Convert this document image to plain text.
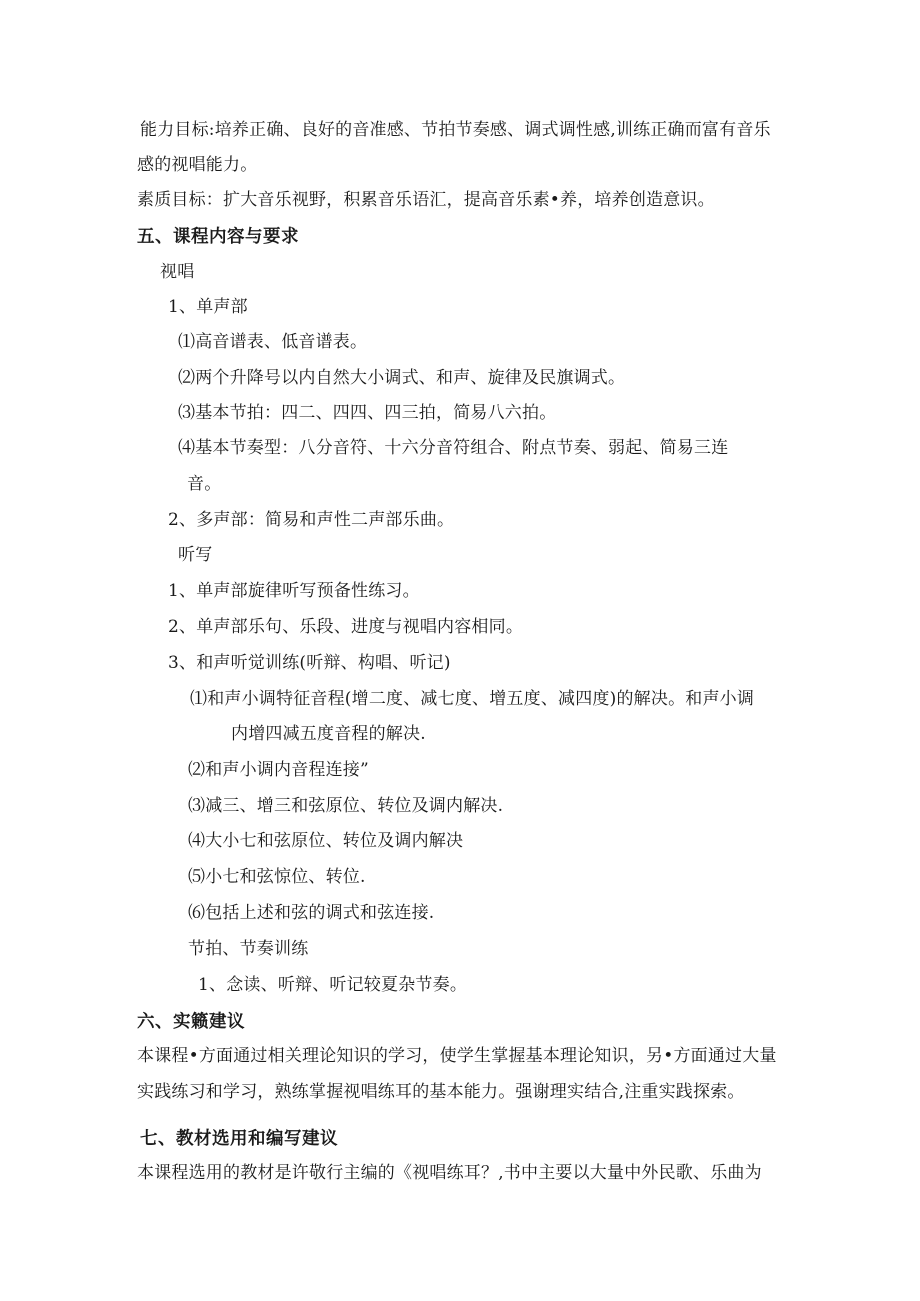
能力目标:培养正确、良好的音准感、节拍节奏感、调式调性感,训练正确而富有音乐
感的视唱能力。
素质目标：扩大音乐视野，积累音乐语汇，提高音乐素•养，培养创造意识。
五、课程内容与要求
视唱
1、单声部
⑴高音谱表、低音谱表。
⑵两个升降号以内自然大小调式、和声、旋律及民旗调式。
⑶基本节拍：四二、四四、四三拍，简易八六拍。
⑷基本节奏型：八分音符、十六分音符组合、附点节奏、弱起、简易三连
音。
2、多声部：简易和声性二声部乐曲。
听写
1、单声部旋律听写预备性练习。
2、单声部乐句、乐段、进度与视唱内容相同。
3、和声听觉训练(听辩、构唱、听记)
⑴和声小调特征音程(增二度、减七度、增五度、减四度)的解决。和声小调
内增四减五度音程的解决.
⑵和声小调内音程连接”
⑶减三、增三和弦原位、转位及调内解决.
⑷大小七和弦原位、转位及调内解决
⑸小七和弦惊位、转位.
⑹包括上述和弦的调式和弦连接.
节拍、节奏训练
1、念读、听辩、听记较夏杂节奏。
六、实籁建议
本课程•方面通过相关理论知识的学习，使学生掌握基本理论知识，另•方面通过大量
实践练习和学习，熟练掌握视唱练耳的基本能力。强谢理实结合,注重实践探索。
七、教材选用和编写建议
本课程选用的教材是许敬行主编的《视唱练耳？,书中主要以大量中外民歌、乐曲为
